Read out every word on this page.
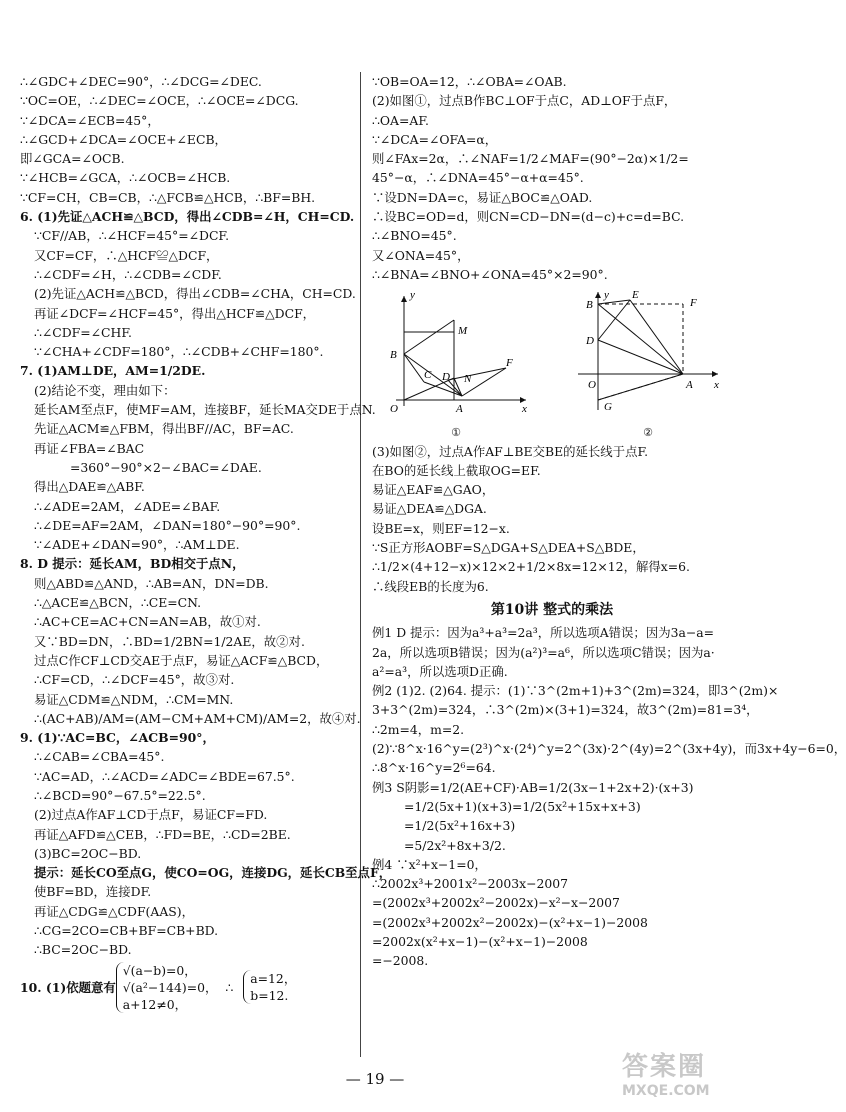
∴∠GDC+∠DEC=90°，∴∠DCG=∠DEC.
∵OC=OE，∴∠DEC=∠OCE，∴∠OCE=∠DCG.
∵∠DCA=∠ECB=45°，
∴∠GCD+∠DCA=∠OCE+∠ECB，
即∠GCA=∠OCB.
∵∠HCB=∠GCA，∴∠OCB=∠HCB.
∵CF=CH，CB=CB，∴△FCB≌△HCB，∴BF=BH.
6. (1)先证△ACH≌△BCD，得出∠CDB=∠H，CH=CD.
∵CF//AB，∴∠HCF=45°=∠DCF.
又CF=CF，∴△HCF≌△DCF，
∴∠CDF=∠H，∴∠CDB=∠CDF.
(2)先证△ACH≌△BCD，得出∠CDB=∠CHA，CH=CD.
再证∠DCF=∠HCF=45°，得出△HCF≌△DCF，
∴∠CDF=∠CHF.
∵∠CHA+∠CDF=180°，∴∠CDB+∠CHF=180°.
7. (1)AM⊥DE，AM=1/2DE.
(2)结论不变，理由如下：
延长AM至点F，使MF=AM，连接BF，延长MA交DE于点N.
先证△ACM≌△FBM，得出BF//AC，BF=AC.
再证∠FBA=∠BAC
=360°−90°×2−∠BAC=∠DAE.
得出△DAE≌△ABF.
∴∠ADE=2AM，∠ADE=∠BAF.
∴∠DE=AF=2AM，∠DAN=180°−90°=90°.
∵∠ADE+∠DAN=90°，∴AM⊥DE.
8. D 提示：延长AM，BD相交于点N，
则△ABD≌△AND，∴AB=AN，DN=DB.
∴△ACE≌△BCN，∴CE=CN.
∴AC+CE=AC+CN=AN=AB，故①对.
又∵BD=DN，∴BD=1/2BN=1/2AE，故②对.
过点C作CF⊥CD交AE于点F，易证△ACF≌△BCD，
∴CF=CD，∴∠DCF=45°，故③对.
易证△CDM≌△NDM，∴CM=MN.
∴(AC+AB)/AM=(AM−CM+AM+CM)/AM=2，故④对.
9. (1)∵AC=BC，∠ACB=90°，
∴∠CAB=∠CBA=45°.
∵AC=AD，∴∠ACD=∠ADC=∠BDE=67.5°.
∴∠BCD=90°−67.5°=22.5°.
(2)过点A作AF⊥CD于点F，易证CF=FD.
再证△AFD≌△CEB，∴FD=BE，∴CD=2BE.
(3)BC=2OC−BD.
提示：延长CO至点G，使CO=OG，连接DG，延长CB至点F，
使BF=BD，连接DF.
再证△CDG≌△CDF(AAS)，
∴CG=2CO=CB+BF=CB+BD.
∴BC=2OC−BD.
10. (1)依题意有
√(a−b)=0，
√(a²−144)=0，
a+12≠0，
∴
a=12，
b=12.
∵OB=OA=12，∴∠OBA=∠OAB.
(2)如图①，过点B作BC⊥OF于点C，AD⊥OF于点F，
∴OA=AF.
∵∠DCA=∠OFA=α，
则∠FAx=2α，∴∠NAF=1/2∠MAF=(90°−2α)×1/2=
45°−α，∴∠DNA=45°−α+α=45°.
∵设DN=DA=c，易证△BOC≌△OAD.
∴设BC=OD=d，则CN=CD−DN=(d−c)+c=d=BC.
∴∠BNO=45°.
又∠ONA=45°，
∴∠BNA=∠BNO+∠ONA=45°×2=90°.
y
B
M
C D N
F
O	A	x
①
y
B
E
F
D
O	A x
G
②
(3)如图②，过点A作AF⊥BE交BE的延长线于点F.
在BO的延长线上截取OG=EF.
易证△EAF≌△GAO，
易证△DEA≌△DGA.
设BE=x，则EF=12−x.
∵S正方形AOBF=S△DGA+S△DEA+S△BDE，
∴1/2×(4+12−x)×12×2+1/2×8x=12×12，解得x=6.
∴线段EB的长度为6.
第10讲 整式的乘法
例1 D 提示：因为a³+a³=2a³，所以选项A错误；因为3a−a=
2a，所以选项B错误；因为(a²)³=a⁶，所以选项C错误；因为a·
a²=a³，所以选项D正确.
例2 (1)2. (2)64. 提示：(1)∵3^(2m+1)+3^(2m)=324，即3^(2m)×
3+3^(2m)=324，∴3^(2m)×(3+1)=324，故3^(2m)=81=3⁴，
∴2m=4，m=2.
(2)∵8^x·16^y=(2³)^x·(2⁴)^y=2^(3x)·2^(4y)=2^(3x+4y)，而3x+4y−6=0，
∴8^x·16^y=2⁶=64.
例3 S阴影=1/2(AE+CF)·AB=1/2(3x−1+2x+2)·(x+3)
=1/2(5x+1)(x+3)=1/2(5x²+15x+x+3)
=1/2(5x²+16x+3)
=5/2x²+8x+3/2.
例4 ∵x²+x−1=0，
∴2002x³+2001x²−2003x−2007
=(2002x³+2002x²−2002x)−x²−x−2007
=(2002x³+2002x²−2002x)−(x²+x−1)−2008
=2002x(x²+x−1)−(x²+x−1)−2008
=−2008.
— 19 —	答案圈
MXQE.COM
